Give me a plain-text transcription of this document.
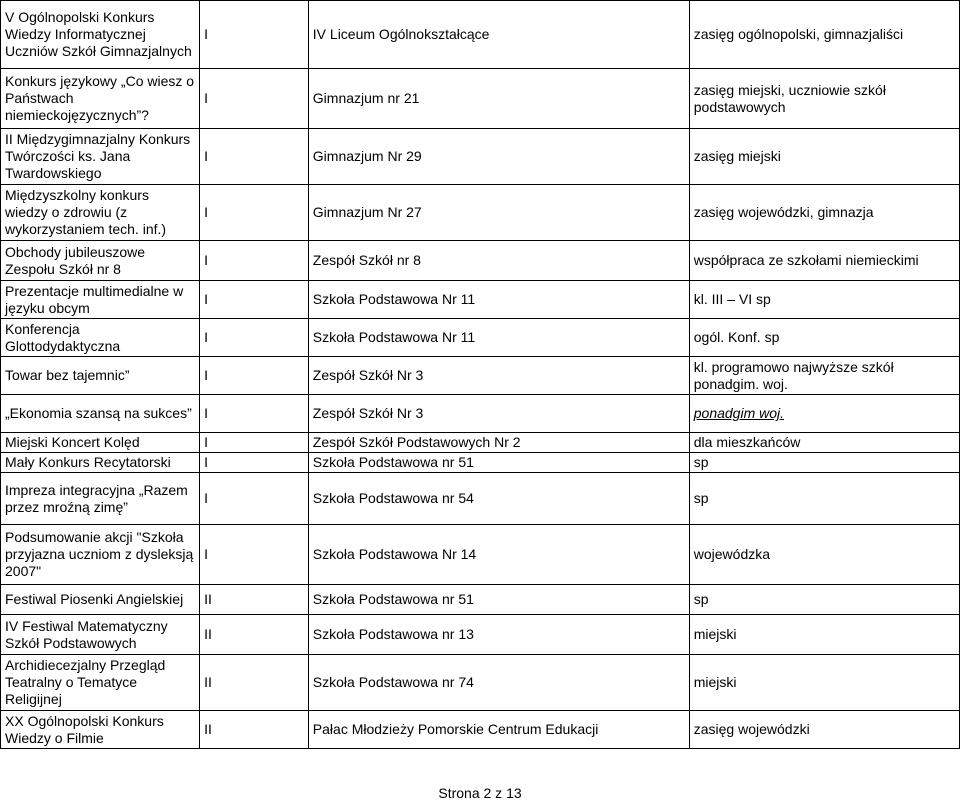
V Ogólnopolski Konkurs Wiedzy Informatycznej Uczniów Szkół Gimnazjalnych	I	IV Liceum Ogólnokształcące	zasięg ogólnopolski, gimnazjaliści
Konkurs językowy „Co wiesz o Państwach niemieckojęzycznych”?	I	Gimnazjum nr 21	zasięg miejski, uczniowie szkół podstawowych
II Międzygimnazjalny Konkurs Twórczości ks. Jana Twardowskiego	I	Gimnazjum Nr 29	zasięg miejski
Międzyszkolny konkurs wiedzy o zdrowiu (z wykorzystaniem tech. inf.)	I	Gimnazjum Nr 27	zasięg wojewódzki, gimnazja
Obchody jubileuszowe Zespołu Szkół nr 8	I	Zespół Szkół nr 8	współpraca ze szkołami niemieckimi
Prezentacje multimedialne w języku obcym	I	Szkoła Podstawowa Nr 11	kl. III – VI sp
Konferencja Glottodydaktyczna	I	Szkoła Podstawowa Nr 11	ogól. Konf. sp
Towar bez tajemnic”	I	Zespół Szkół Nr 3	kl. programowo najwyższe szkół ponadgim. woj.
„Ekonomia szansą na sukces”	I	Zespół Szkół Nr 3	ponadgim woj.
Miejski Koncert Kolęd	I	Zespół Szkół Podstawowych Nr 2	dla mieszkańców
Mały Konkurs Recytatorski	I	Szkoła Podstawowa nr 51	sp
Impreza integracyjna „Razem przez mroźną zimę”	I	Szkoła Podstawowa nr 54	sp
Podsumowanie akcji "Szkoła przyjazna uczniom z dysleksją 2007"	I	Szkoła Podstawowa Nr 14	wojewódzka
Festiwal Piosenki Angielskiej	II	Szkoła Podstawowa nr 51	sp
IV Festiwal Matematyczny Szkół Podstawowych	II	Szkoła Podstawowa nr 13	miejski
Archidiecezjalny Przegląd Teatralny o Tematyce Religijnej	II	Szkoła Podstawowa nr 74	miejski
XX Ogólnopolski Konkurs Wiedzy o Filmie	II	Pałac Młodzieży Pomorskie Centrum Edukacji	zasięg wojewódzki
Strona 2 z 13
